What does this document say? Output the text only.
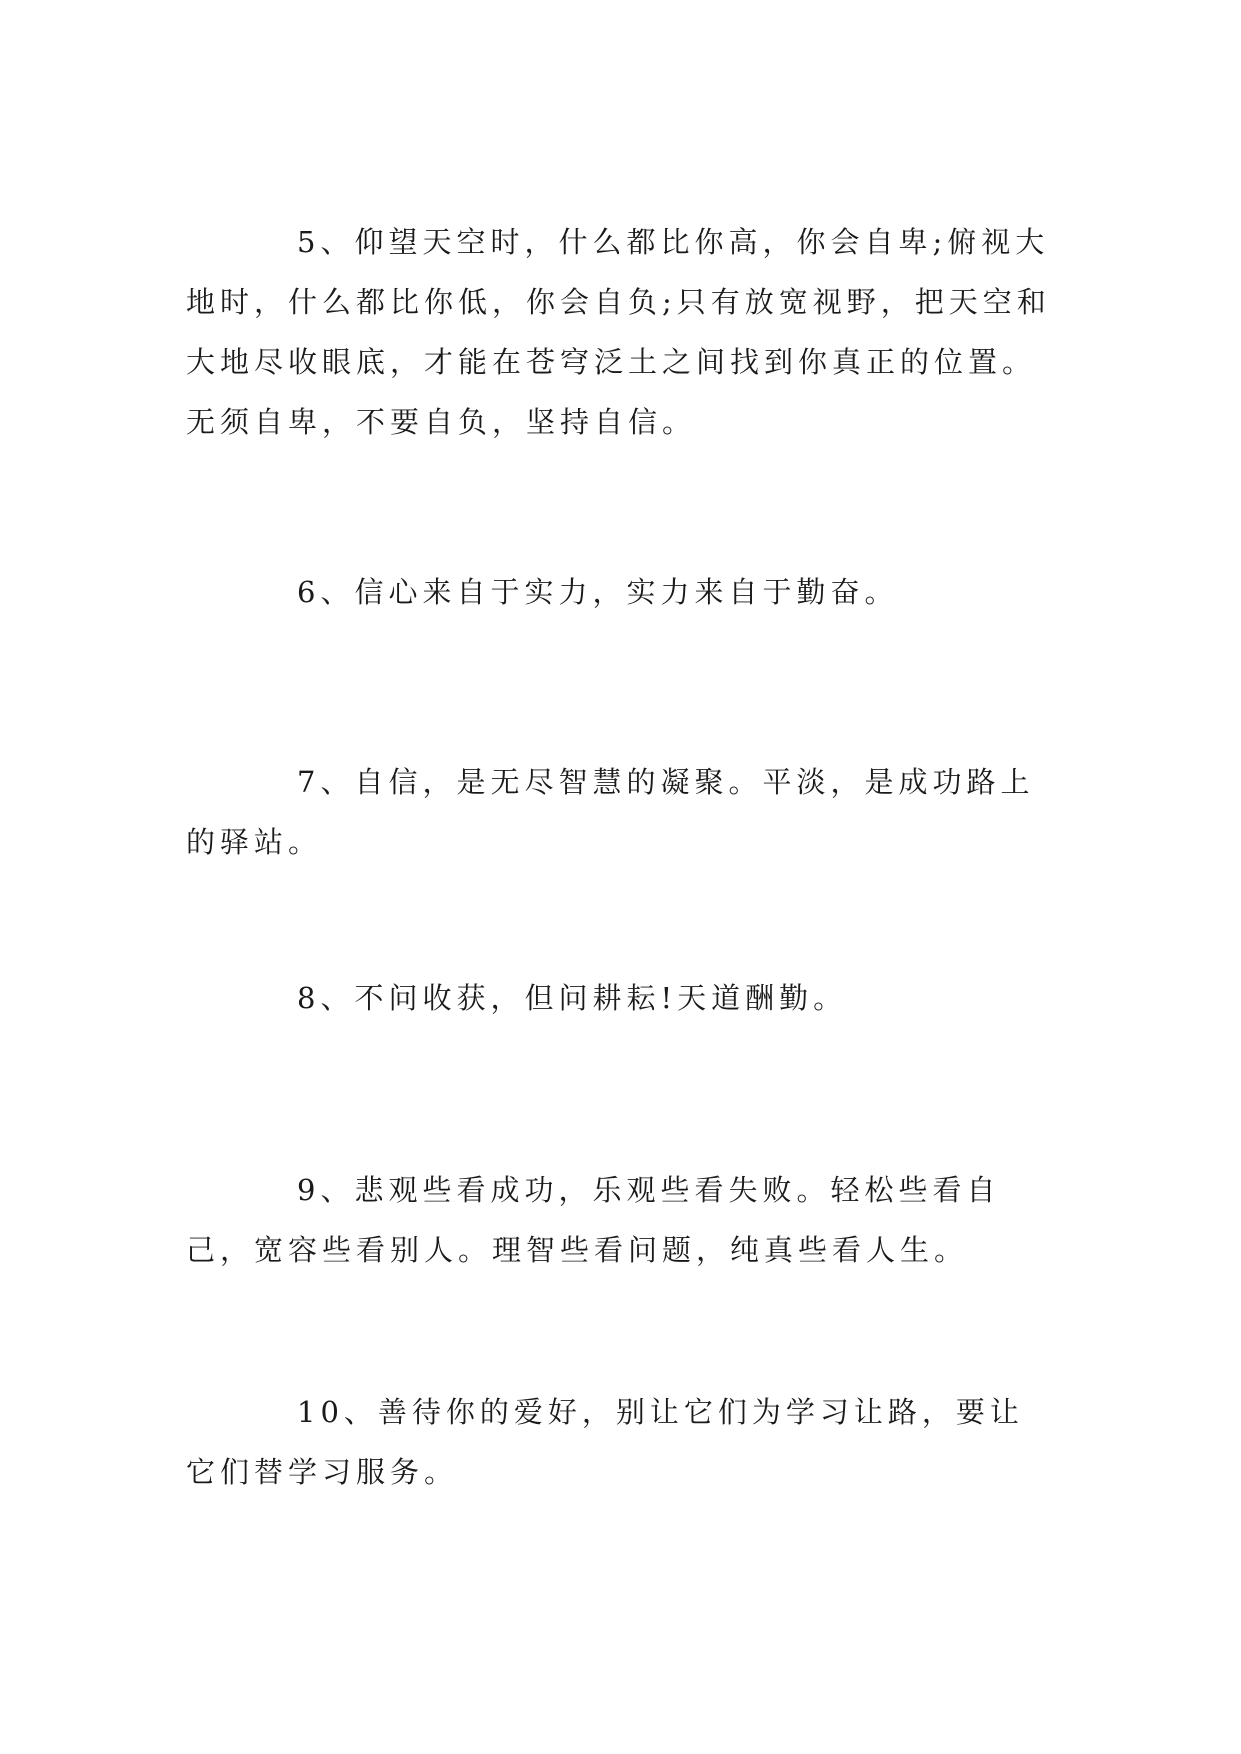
5、仰望天空时，什么都比你高，你会自卑;俯视大地时，什么都比你低，你会自负;只有放宽视野，把天空和大地尽收眼底，才能在苍穹泛土之间找到你真正的位置。无须自卑，不要自负，坚持自信。

6、信心来自于实力，实力来自于勤奋。

7、自信，是无尽智慧的凝聚。平淡，是成功路上的驿站。

8、不问收获，但问耕耘!天道酬勤。

9、悲观些看成功，乐观些看失败。轻松些看自己，宽容些看别人。理智些看问题，纯真些看人生。

10、善待你的爱好，别让它们为学习让路，要让它们替学习服务。
